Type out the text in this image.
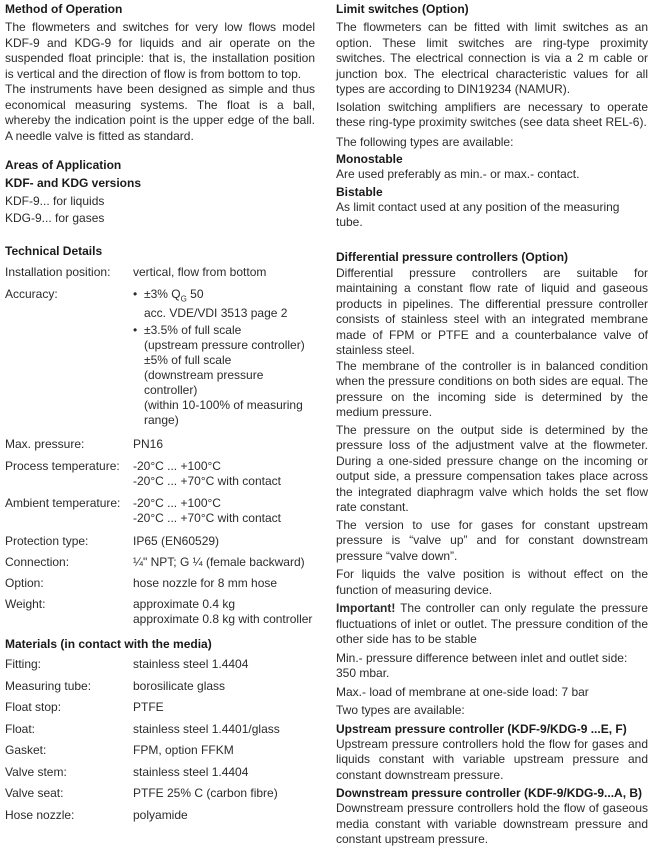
Method of Operation

The flowmeters and switches for very low flows model KDF-9 and KDG-9 for liquids and air operate on the suspended float principle: that is, the installation position is vertical and the direction of flow is from bottom to top.

The instruments have been designed as simple and thus economical measuring systems. The float is a ball, whereby the indication point is the upper edge of the ball. A needle valve is fitted as standard.

Areas of Application
KDF- and KDG versions

KDF-9... for liquids

KDG-9... for gases

Technical Details
Installation position:	vertical, flow from bottom
Accuracy:	• ±3% $Q_G$ 50
acc. VDE/VDI 3513 page 2
• ±3.5% of full scale
(upstream pressure controller)
±5% of full scale
(downstream pressure controller)
(within 10-100% of measuring range)
Max. pressure:	PN16
Process temperature:	-20°C ... +100°C
-20°C ... +70°C with contact
Ambient temperature:	-20°C ... +100°C
-20°C ... +70°C with contact
Protection type:	IP65 (EN60529)
Connection:	¼" NPT; G ¼ (female backward)
Option:	hose nozzle for 8 mm hose
Weight:	approximate 0.4 kg
approximate 0.8 kg with controller
Materials (in contact with the media)
Fitting:	stainless steel 1.4404
Measuring tube:	borosilicate glass
Float stop:	PTFE
Float:	stainless steel 1.4401/glass
Gasket:	FPM, option FFKM
Valve stem:	stainless steel 1.4404
Valve seat:	PTFE 25% C (carbon fibre)
Hose nozzle:	polyamide
Limit switches (Option)

The flowmeters can be fitted with limit switches as an option. These limit switches are ring-type proximity switches. The electrical connection is via a 2 m cable or junction box. The electrical characteristic values for all types are according to DIN19234 (NAMUR).

Isolation switching amplifiers are necessary to operate these ring-type proximity switches (see data sheet REL-6).

The following types are available:

Monostable

Are used preferably as min.- or max.- contact.

Bistable

As limit contact used at any position of the measuring tube.

Differential pressure controllers (Option)

Differential pressure controllers are suitable for maintaining a constant flow rate of liquid and gaseous products in pipelines. The differential pressure controller consists of stainless steel with an integrated membrane made of FPM or PTFE and a counterbalance valve of stainless steel.

The membrane of the controller is in balanced condition when the pressure conditions on both sides are equal. The pressure on the incoming side is determined by the medium pressure.

The pressure on the output side is determined by the pressure loss of the adjustment valve at the flowmeter. During a one-sided pressure change on the incoming or output side, a pressure compensation takes place across the integrated diaphragm valve which holds the set flow rate constant.

The version to use for gases for constant upstream pressure is “valve up” and for constant downstream pressure “valve down”.

For liquids the valve position is without effect on the function of measuring device.

Important! The controller can only regulate the pressure fluctuations of inlet or outlet. The pressure condition of the other side has to be stable

Min.- pressure difference between inlet and outlet side: 350 mbar.

Max.- load of membrane at one-side load: 7 bar

Two types are available:

Upstream pressure controller (KDF-9/KDG-9 ...E, F)

Upstream pressure controllers hold the flow for gases and liquids constant with variable upstream pressure and constant downstream pressure.

Downstream pressure controller (KDF-9/KDG-9...A, B)

Downstream pressure controllers hold the flow of gaseous media constant with variable downstream pressure and constant upstream pressure.
